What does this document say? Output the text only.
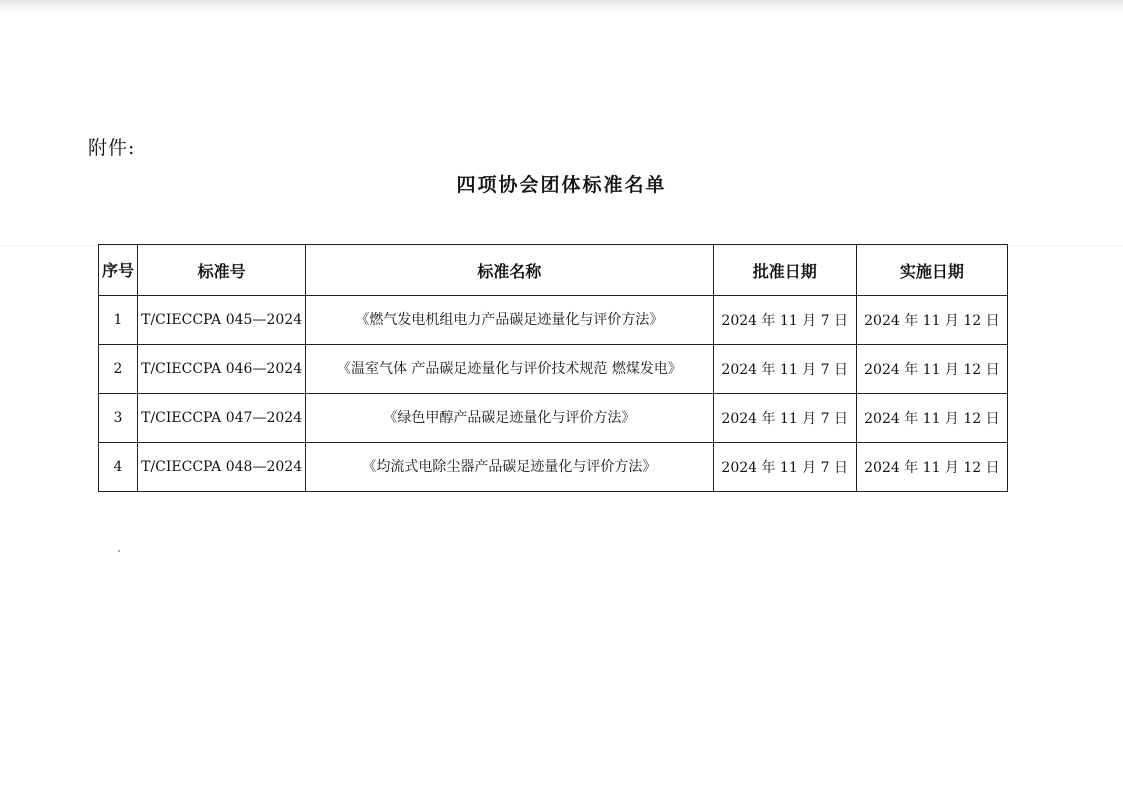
附件:
四项协会团体标准名单
序号	标准号	标准名称	批准日期	实施日期
1	T/CIECCPA 045—2024	《燃气发电机组电力产品碳足迹量化与评价方法》	2024 年 11 月 7 日	2024 年 11 月 12 日
2	T/CIECCPA 046—2024	《温室气体 产品碳足迹量化与评价技术规范 燃煤发电》	2024 年 11 月 7 日	2024 年 11 月 12 日
3	T/CIECCPA 047—2024	《绿色甲醇产品碳足迹量化与评价方法》	2024 年 11 月 7 日	2024 年 11 月 12 日
4	T/CIECCPA 048—2024	《均流式电除尘器产品碳足迹量化与评价方法》	2024 年 11 月 7 日	2024 年 11 月 12 日
